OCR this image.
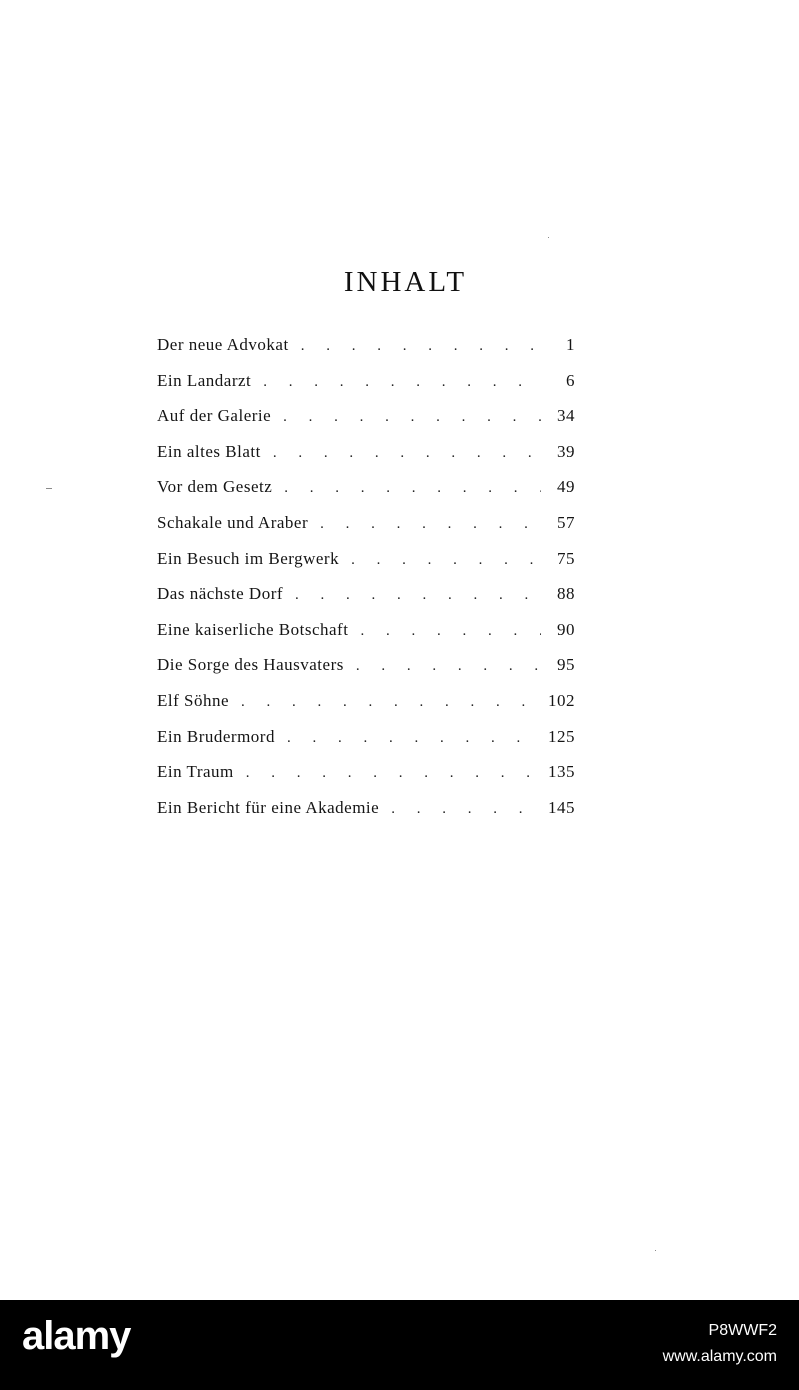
INHALT
Der neue Advokat . . .	1
Ein Landarzt . . .	6
Auf der Galerie . . .	34
Ein altes Blatt . . .	39
Vor dem Gesetz . . .	49
Schakale und Araber . . .	57
Ein Besuch im Bergwerk . . .	75
Das nächste Dorf . . .	88
Eine kaiserliche Botschaft . . .	90
Die Sorge des Hausvaters . . .	95
Elf Söhne . . .	102
Ein Brudermord . . .	125
Ein Traum . . .	135
Ein Bericht für eine Akademie . . .	145
alamy	P8WWF2
www.alamy.com
